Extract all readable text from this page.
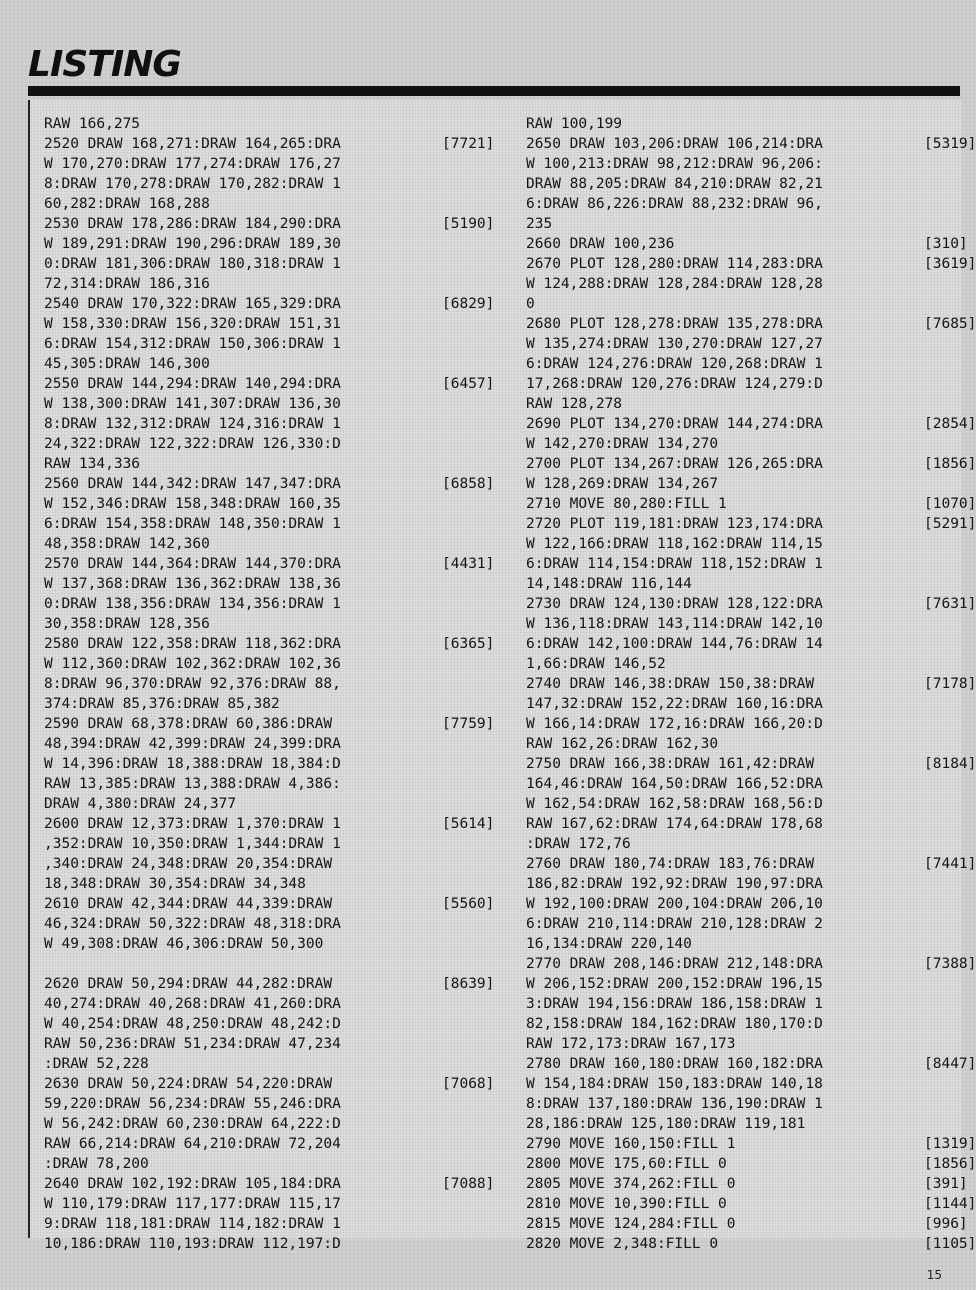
LISTING
RAW 166,275
2520 DRAW 168,271:DRAW 164,265:DRA	[7721]
W 170,270:DRAW 177,274:DRAW 176,27
8:DRAW 170,278:DRAW 170,282:DRAW 1
60,282:DRAW 168,288
2530 DRAW 178,286:DRAW 184,290:DRA	[5190]
W 189,291:DRAW 190,296:DRAW 189,30
0:DRAW 181,306:DRAW 180,318:DRAW 1
72,314:DRAW 186,316
2540 DRAW 170,322:DRAW 165,329:DRA	[6829]
W 158,330:DRAW 156,320:DRAW 151,31
6:DRAW 154,312:DRAW 150,306:DRAW 1
45,305:DRAW 146,300
2550 DRAW 144,294:DRAW 140,294:DRA	[6457]
W 138,300:DRAW 141,307:DRAW 136,30
8:DRAW 132,312:DRAW 124,316:DRAW 1
24,322:DRAW 122,322:DRAW 126,330:D
RAW 134,336
2560 DRAW 144,342:DRAW 147,347:DRA	[6858]
W 152,346:DRAW 158,348:DRAW 160,35
6:DRAW 154,358:DRAW 148,350:DRAW 1
48,358:DRAW 142,360
2570 DRAW 144,364:DRAW 144,370:DRA	[4431]
W 137,368:DRAW 136,362:DRAW 138,36
0:DRAW 138,356:DRAW 134,356:DRAW 1
30,358:DRAW 128,356
2580 DRAW 122,358:DRAW 118,362:DRA	[6365]
W 112,360:DRAW 102,362:DRAW 102,36
8:DRAW 96,370:DRAW 92,376:DRAW 88,
374:DRAW 85,376:DRAW 85,382
2590 DRAW 68,378:DRAW 60,386:DRAW	[7759]
48,394:DRAW 42,399:DRAW 24,399:DRA
W 14,396:DRAW 18,388:DRAW 18,384:D
RAW 13,385:DRAW 13,388:DRAW 4,386:
DRAW 4,380:DRAW 24,377
2600 DRAW 12,373:DRAW 1,370:DRAW 1	[5614]
,352:DRAW 10,350:DRAW 1,344:DRAW 1
,340:DRAW 24,348:DRAW 20,354:DRAW
18,348:DRAW 30,354:DRAW 34,348
2610 DRAW 42,344:DRAW 44,339:DRAW	[5560]
46,324:DRAW 50,322:DRAW 48,318:DRA
W 49,308:DRAW 46,306:DRAW 50,300
2620 DRAW 50,294:DRAW 44,282:DRAW	[8639]
40,274:DRAW 40,268:DRAW 41,260:DRA
W 40,254:DRAW 48,250:DRAW 48,242:D
RAW 50,236:DRAW 51,234:DRAW 47,234
:DRAW 52,228
2630 DRAW 50,224:DRAW 54,220:DRAW	[7068]
59,220:DRAW 56,234:DRAW 55,246:DRA
W 56,242:DRAW 60,230:DRAW 64,222:D
RAW 66,214:DRAW 64,210:DRAW 72,204
:DRAW 78,200
2640 DRAW 102,192:DRAW 105,184:DRA	[7088]
W 110,179:DRAW 117,177:DRAW 115,17
9:DRAW 118,181:DRAW 114,182:DRAW 1
10,186:DRAW 110,193:DRAW 112,197:D
RAW 100,199
2650 DRAW 103,206:DRAW 106,214:DRA	[5319]
W 100,213:DRAW 98,212:DRAW 96,206:
DRAW 88,205:DRAW 84,210:DRAW 82,21
6:DRAW 86,226:DRAW 88,232:DRAW 96,
235
2660 DRAW 100,236	[310]
2670 PLOT 128,280:DRAW 114,283:DRA	[3619]
W 124,288:DRAW 128,284:DRAW 128,28
0
2680 PLOT 128,278:DRAW 135,278:DRA	[7685]
W 135,274:DRAW 130,270:DRAW 127,27
6:DRAW 124,276:DRAW 120,268:DRAW 1
17,268:DRAW 120,276:DRAW 124,279:D
RAW 128,278
2690 PLOT 134,270:DRAW 144,274:DRA	[2854]
W 142,270:DRAW 134,270
2700 PLOT 134,267:DRAW 126,265:DRA	[1856]
W 128,269:DRAW 134,267
2710 MOVE 80,280:FILL 1	[1070]
2720 PLOT 119,181:DRAW 123,174:DRA	[5291]
W 122,166:DRAW 118,162:DRAW 114,15
6:DRAW 114,154:DRAW 118,152:DRAW 1
14,148:DRAW 116,144
2730 DRAW 124,130:DRAW 128,122:DRA	[7631]
W 136,118:DRAW 143,114:DRAW 142,10
6:DRAW 142,100:DRAW 144,76:DRAW 14
1,66:DRAW 146,52
2740 DRAW 146,38:DRAW 150,38:DRAW	[7178]
147,32:DRAW 152,22:DRAW 160,16:DRA
W 166,14:DRAW 172,16:DRAW 166,20:D
RAW 162,26:DRAW 162,30
2750 DRAW 166,38:DRAW 161,42:DRAW	[8184]
164,46:DRAW 164,50:DRAW 166,52:DRA
W 162,54:DRAW 162,58:DRAW 168,56:D
RAW 167,62:DRAW 174,64:DRAW 178,68
:DRAW 172,76
2760 DRAW 180,74:DRAW 183,76:DRAW	[7441]
186,82:DRAW 192,92:DRAW 190,97:DRA
W 192,100:DRAW 200,104:DRAW 206,10
6:DRAW 210,114:DRAW 210,128:DRAW 2
16,134:DRAW 220,140
2770 DRAW 208,146:DRAW 212,148:DRA	[7388]
W 206,152:DRAW 200,152:DRAW 196,15
3:DRAW 194,156:DRAW 186,158:DRAW 1
82,158:DRAW 184,162:DRAW 180,170:D
RAW 172,173:DRAW 167,173
2780 DRAW 160,180:DRAW 160,182:DRA	[8447]
W 154,184:DRAW 150,183:DRAW 140,18
8:DRAW 137,180:DRAW 136,190:DRAW 1
28,186:DRAW 125,180:DRAW 119,181
2790 MOVE 160,150:FILL 1	[1319]
2800 MOVE 175,60:FILL 0	[1856]
2805 MOVE 374,262:FILL 0	[391]
2810 MOVE 10,390:FILL 0	[1144]
2815 MOVE 124,284:FILL 0	[996]
2820 MOVE 2,348:FILL 0	[1105]
15
